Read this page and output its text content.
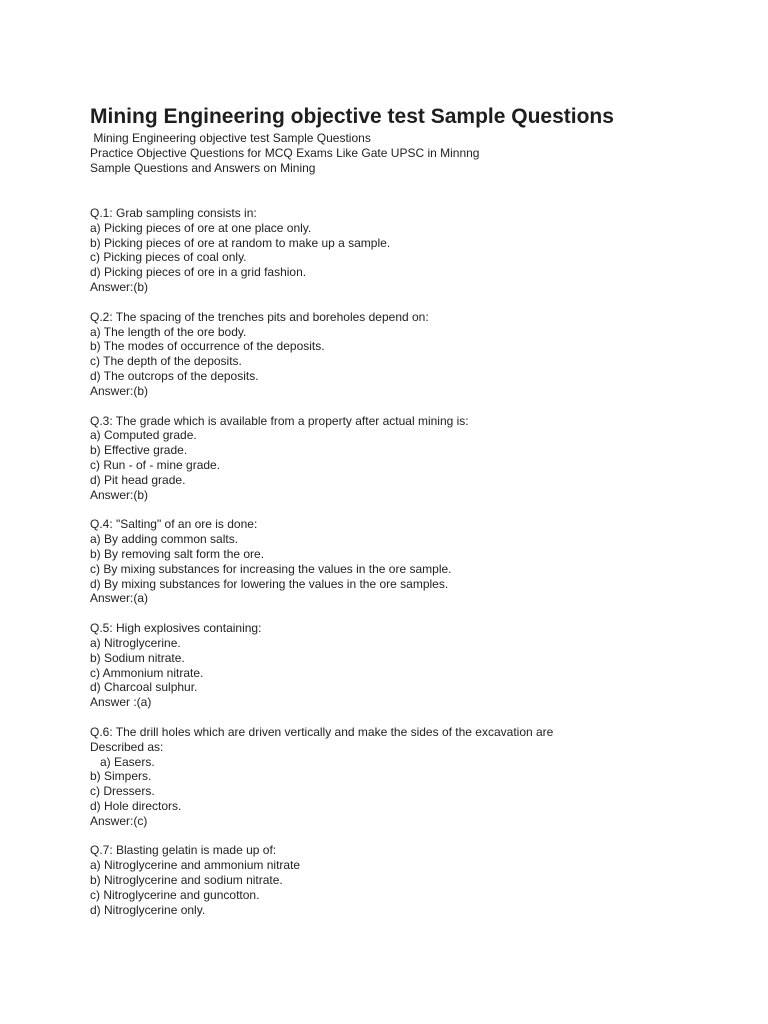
Mining Engineering objective test Sample Questions
Mining Engineering objective test Sample Questions
Practice Objective Questions for MCQ Exams Like Gate UPSC in Minnng
Sample Questions and Answers on Mining
Q.1: Grab sampling consists in:
a) Picking pieces of ore at one place only.
b) Picking pieces of ore at random to make up a sample.
c) Picking pieces of coal only.
d) Picking pieces of ore in a grid fashion.
Answer:(b)
Q.2: The spacing of the trenches pits and boreholes depend on:
a) The length of the ore body.
b) The modes of occurrence of the deposits.
c) The depth of the deposits.
d) The outcrops of the deposits.
Answer:(b)
Q.3: The grade which is available from a property after actual mining is:
a) Computed grade.
b) Effective grade.
c) Run - of - mine grade.
d) Pit head grade.
Answer:(b)
Q.4: "Salting" of an ore is done:
a) By adding common salts.
b) By removing salt form the ore.
c) By mixing substances for increasing the values in the ore sample.
d) By mixing substances for lowering the values in the ore samples.
Answer:(a)
Q.5: High explosives containing:
a) Nitroglycerine.
b) Sodium nitrate.
c) Ammonium nitrate.
d) Charcoal sulphur.
Answer :(a)
Q.6: The drill holes which are driven vertically and make the sides of the excavation are
Described as:
a) Easers.
b) Simpers.
c) Dressers.
d) Hole directors.
Answer:(c)
Q.7: Blasting gelatin is made up of:
a) Nitroglycerine and ammonium nitrate
b) Nitroglycerine and sodium nitrate.
c) Nitroglycerine and guncotton.
d) Nitroglycerine only.
